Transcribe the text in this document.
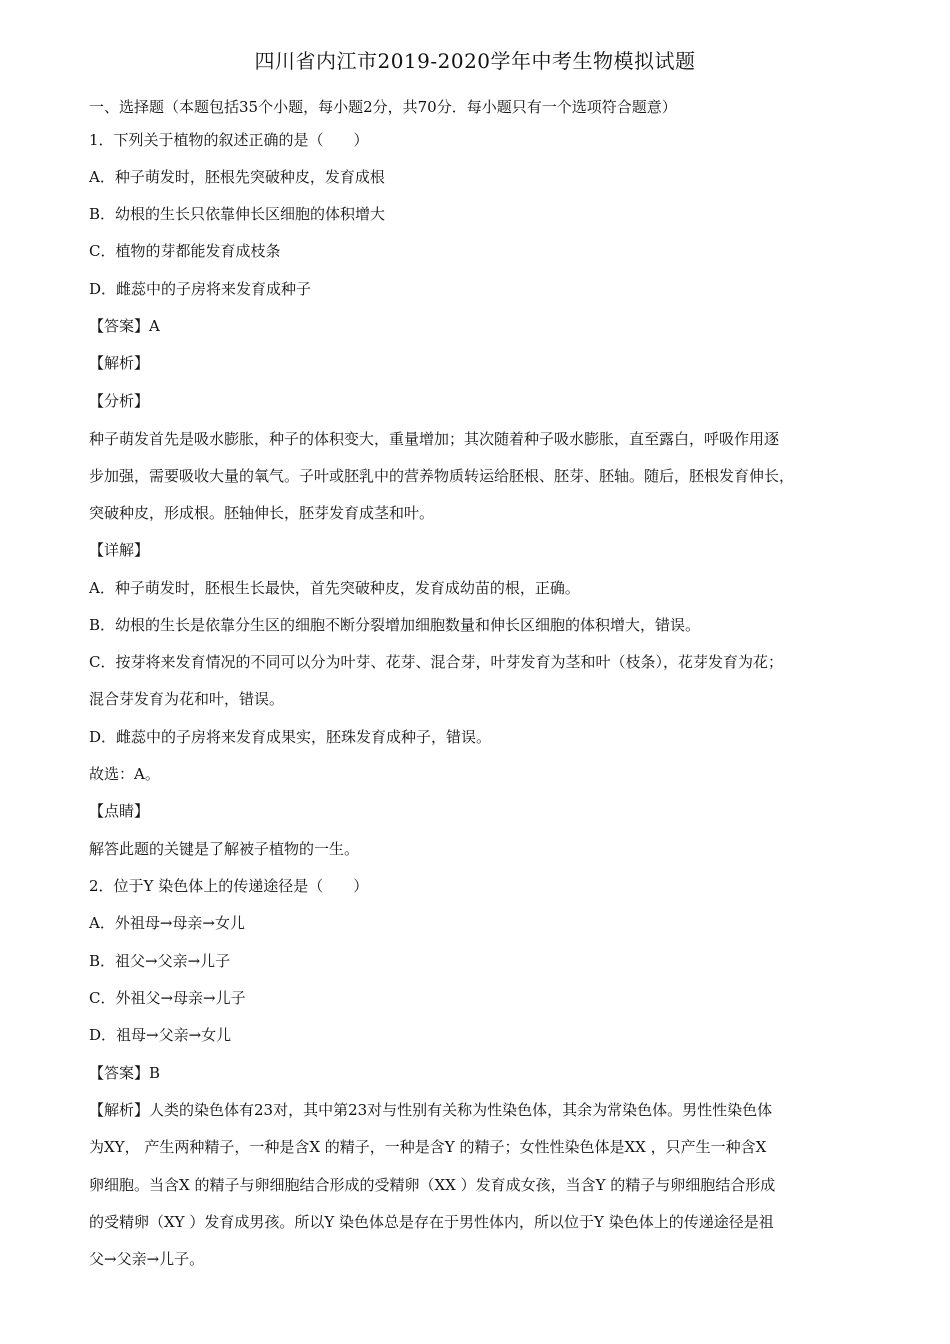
四川省内江市2019-2020学年中考生物模拟试题
一、选择题（本题包括35个小题，每小题2分，共70分．每小题只有一个选项符合题意）
1．下列关于植物的叙述正确的是（　　）
A．种子萌发时，胚根先突破种皮，发育成根
B．幼根的生长只依靠伸长区细胞的体积增大
C．植物的芽都能发育成枝条
D．雌蕊中的子房将来发育成种子
【答案】A
【解析】
【分析】
种子萌发首先是吸水膨胀，种子的体积变大，重量增加；其次随着种子吸水膨胀，直至露白，呼吸作用逐
步加强，需要吸收大量的氧气。子叶或胚乳中的营养物质转运给胚根、胚芽、胚轴。随后，胚根发育伸长，
突破种皮，形成根。胚轴伸长，胚芽发育成茎和叶。
【详解】
A．种子萌发时，胚根生长最快，首先突破种皮，发育成幼苗的根，正确。
B．幼根的生长是依靠分生区的细胞不断分裂增加细胞数量和伸长区细胞的体积增大，错误。
C．按芽将来发育情况的不同可以分为叶芽、花芽、混合芽，叶芽发育为茎和叶（枝条），花芽发育为花；
混合芽发育为花和叶，错误。
D．雌蕊中的子房将来发育成果实，胚珠发育成种子，错误。
故选：A。
【点睛】
解答此题的关键是了解被子植物的一生。
2．位于Y 染色体上的传递途径是（　　）
A．外祖母→母亲→女儿
B．祖父→父亲→儿子
C．外祖父→母亲→儿子
D．祖母→父亲→女儿
【答案】B
【解析】人类的染色体有23对，其中第23对与性别有关称为性染色体，其余为常染色体。男性性染色体
为XY， 产生两种精子，一种是含X 的精子，一种是含Y 的精子；女性性染色体是XX ，只产生一种含X
卵细胞。当含X 的精子与卵细胞结合形成的受精卵（XX ）发育成女孩，当含Y 的精子与卵细胞结合形成
的受精卵（XY ）发育成男孩。所以Y 染色体总是存在于男性体内，所以位于Y 染色体上的传递途径是祖
父→父亲→儿子。
